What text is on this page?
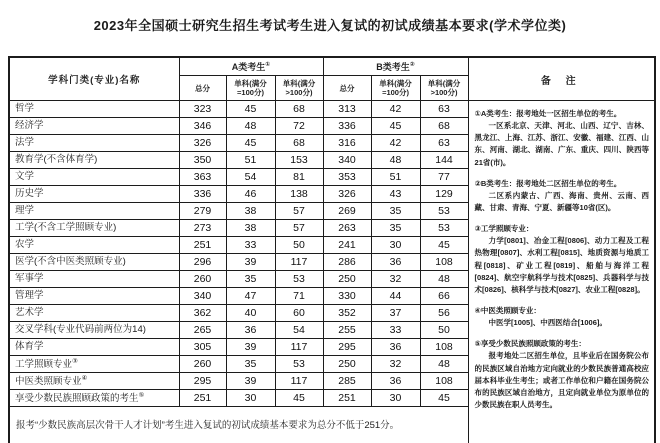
2023年全国硕士研究生招生考试考生进入复试的初试成绩基本要求(学术学位类)
学科门类(专业)名称	A类考生①			B类考生②			备 注
	总分	单科(满分=100分)	单科(满分>100分)	总分	单科(满分=100分)	单科(满分>100分)	
哲学	323	45	68	313	42	63	①A类考生：报考地处一区招生单位的考生。
一区系北京、天津、河北、山西、辽宁、吉林、黑龙江、上海、江苏、浙江、安徽、福建、江西、山东、河南、湖北、湖南、广东、重庆、四川、陕西等21省(市)。
②B类考生：报考地处二区招生单位的考生。
二区系内蒙古、广西、海南、贵州、云南、西藏、甘肃、青海、宁夏、新疆等10省(区)。
③工学照顾专业：
力学[0801]、冶金工程[0806]、动力工程及工程热物理[0807]、水利工程[0815]、地质资源与地质工程[0818]、矿业工程[0819]、船舶与海洋工程[0824]、航空宇航科学与技术[0825]、兵器科学与技术[0826]、核科学与技术[0827]、农业工程[0828]。
④中医类照顾专业：
中医学[1005]、中西医结合[1006]。
⑤享受少数民族照顾政策的考生：
报考地处二区招生单位，且毕业后在国务院公布的民族区域自治地方定向就业的少数民族普通高校应届本科毕业生考生；或者工作单位和户籍在国务院公布的民族区域自治地方，且定向就业单位为原单位的少数民族在职人员考生。

经济学	346	48	72	336	45	68	
法学	326	45	68	316	42	63	
教育学(不含体育学)	350	51	153	340	48	144	
文学	363	54	81	353	51	77	
历史学	336	46	138	326	43	129	
理学	279	38	57	269	35	53	
工学(不含工学照顾专业)	273	38	57	263	35	53	
农学	251	33	50	241	30	45	
医学(不含中医类照顾专业)	296	39	117	286	36	108	
军事学	260	35	53	250	32	48	
管理学	340	47	71	330	44	66	
艺术学	362	40	60	352	37	56	
交叉学科(专业代码前两位为14)	265	36	54	255	33	50	
体育学	305	39	117	295	36	108	
工学照顾专业③	260	35	53	250	32	48	
中医类照顾专业④	295	39	117	285	36	108	
享受少数民族照顾政策的考生⑤	251	30	45	251	30	45	
报考“少数民族高层次骨干人才计划”考生进入复试的初试成绩基本要求为总分不低于251分。							
